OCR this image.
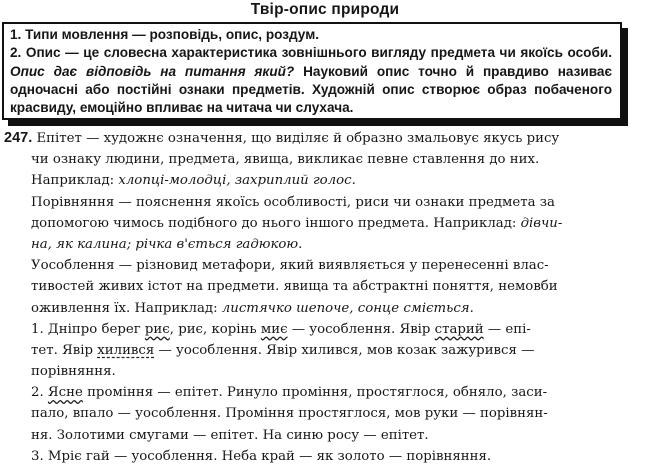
Твір-опис природи

1. Типи мовлення — розповідь, опис, роздум.

2. Опис — це словесна характеристика зовнішнього вигляду предмета чи якоїсь особи. Опис дає відповідь на питання який? Науковий опис точно й правдиво називає одночасні або постійні ознаки предметів. Художній опис створює образ побаченого красвиду, емоційно впливає на читача чи слухача.

247. Епітет — художнє означення, що виділяє й образно змальовує якусь рису
чи ознаку людини, предмета, явища, викликає певне ставлення до них.
Наприклад: хлопці-молодці, захриплий голос.
Порівняння — пояснення якоїсь особливості, риси чи ознаки предмета за
допомогою чимось подібного до нього іншого предмета. Наприклад: дівчи-
на, як калина; річка в'ється гадюкою.
Уособлення — різновид метафори, який виявляється у перенесенні влас-
тивостей живих істот на предмети. явища та абстрактні поняття, немовби
оживлення їх. Наприклад: листячко шепоче, сонце сміється.
1. Дніпро берег риє, риє, корінь миє — уособлення. Явір старий — епі-
тет. Явір хилився — уособлення. Явір хилився, мов козак зажурився —
порівняння.
2. Ясне проміння — епітет. Ринуло проміння, простяглося, обняло, заси-
пало, впало — уособлення. Проміння простяглося, мов руки — порівнян-
ня. Золотими смугами — епітет. На синю росу — епітет.
3. Мріє гай — уособлення. Неба край — як золото — порівняння.
